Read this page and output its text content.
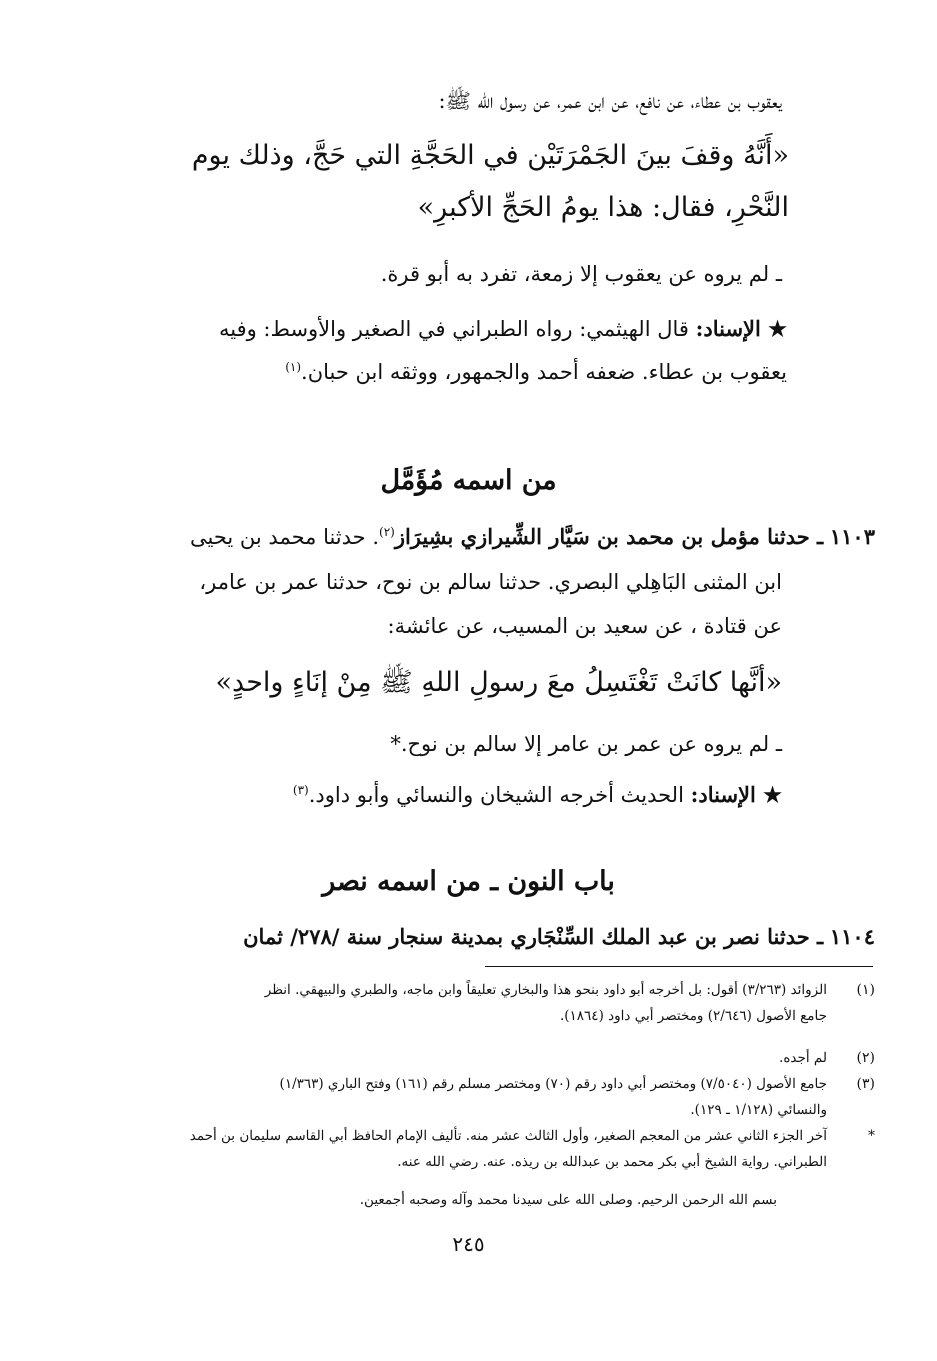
يعقوب بن عطاء، عن نافع، عن ابن عمر، عن رسول الله ﷺ:
«أَنَّهُ وقفَ بينَ الجَمْرَتَيْن في الحَجَّةِ التي حَجَّ، وذلك يوم
النَّحْرِ، فقال: هذا يومُ الحَجِّ الأكبرِ»
ـ لم يروه عن يعقوب إلا زمعة، تفرد به أبو قرة.
★ الإسناد: قال الهيثمي: رواه الطبراني في الصغير والأوسط: وفيه
يعقوب بن عطاء. ضعفه أحمد والجمهور، ووثقه ابن حبان.$^{(١)}$
من اسمه مُؤَمَّل
١١٠٣ ـ حدثنا مؤمل بن محمد بن سَيَّار الشِّيرازي بشِيرَاز$^{(٢)}$. حدثنا محمد بن يحيى
ابن المثنى البَاهِلي البصري. حدثنا سالم بن نوح، حدثنا عمر بن عامر،
عن قتادة ، عن سعيد بن المسيب، عن عائشة:
«أنَّها كانَتْ تَغْتَسِلُ معَ رسولِ اللهِ ﷺ مِنْ إنَاءٍ واحدٍ»
ـ لم يروه عن عمر بن عامر إلا سالم بن نوح.*
★ الإسناد: الحديث أخرجه الشيخان والنسائي وأبو داود.$^{(٣)}$
باب النون ـ من اسمه نصر
١١٠٤ ـ حدثنا نصر بن عبد الملك السِّنْجَاري بمدينة سنجار سنة /٢٧٨/ ثمان
(١)
الزوائد (٣/٢٦٣) أقول: بل أخرجه أبو داود بنحو هذا والبخاري تعليقاً وابن ماجه، والطبري والبيهقي. انظر
جامع الأصول (٢/٦٤٦) ومختصر أبي داود (١٨٦٤).
(٢)
لم أجده.
(٣)
جامع الأصول (٧/٥٠٤٠) ومختصر أبي داود رقم (٧٠) ومختصر مسلم رقم (١٦١) وفتح الباري (١/٣٦٣)
والنسائي (١/١٢٨ ـ ١٢٩).
*
آخر الجزء الثاني عشر من المعجم الصغير، وأول الثالث عشر منه. تأليف الإمام الحافظ أبي القاسم سليمان بن أحمد
الطبراني. رواية الشيخ أبي بكر محمد بن عبدالله بن ريذه. عنه. رضي الله عنه.
بسم الله الرحمن الرحيم. وصلى الله على سيدنا محمد وآله وصحبه أجمعين.
٢٤٥
